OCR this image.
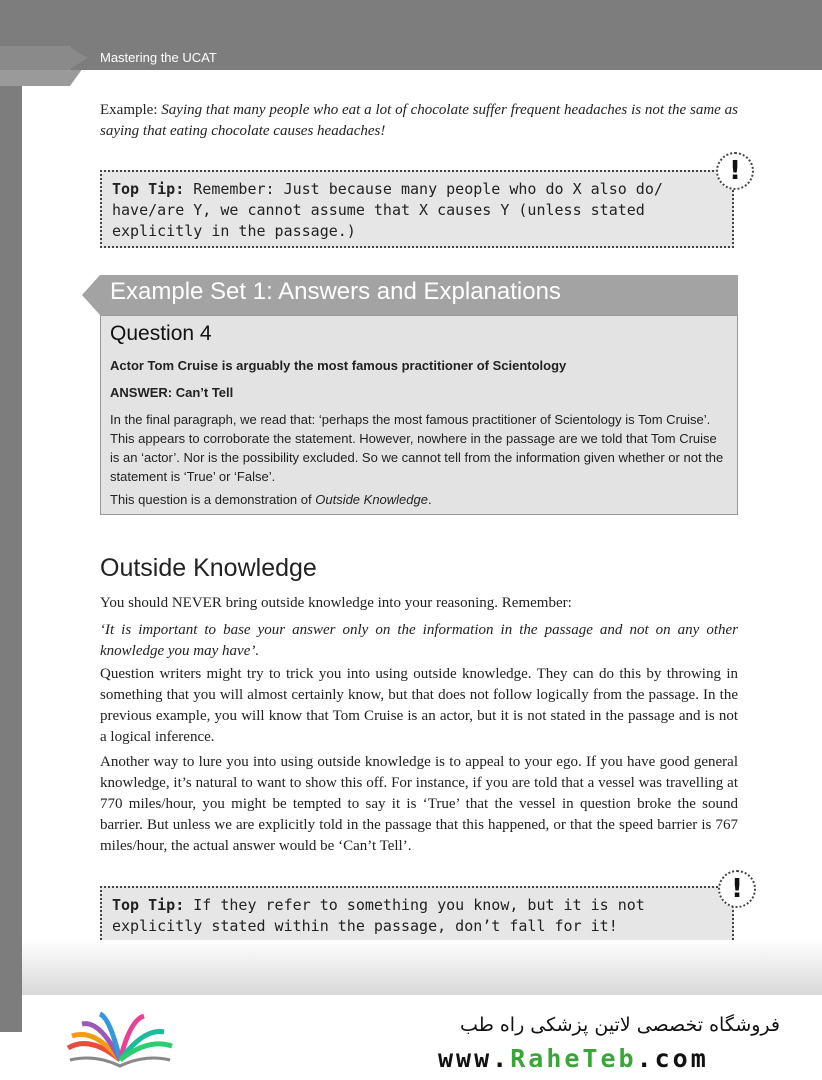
Mastering the UCAT

Example: Saying that many people who eat a lot of chocolate suffer frequent headaches is not the same as saying that eating chocolate causes headaches!

Top Tip: Remember: Just because many people who do X also do/ have/are Y, we cannot assume that X causes Y (unless stated explicitly in the passage.)
!
Example Set 1: Answers and Explanations
Question 4

Actor Tom Cruise is arguably the most famous practitioner of Scientology

ANSWER: Can’t Tell

In the final paragraph, we read that: ‘perhaps the most famous practitioner of Scientology is Tom Cruise’. This appears to corroborate the statement. However, nowhere in the passage are we told that Tom Cruise is an ‘actor’. Nor is the possibility excluded. So we cannot tell from the information given whether or not the statement is ‘True’ or ‘False’.

This question is a demonstration of Outside Knowledge.

Outside Knowledge

You should NEVER bring outside knowledge into your reasoning. Remember:

‘It is important to base your answer only on the information in the passage and not on any other knowledge you may have’.

Question writers might try to trick you into using outside knowledge. They can do this by throwing in something that you will almost certainly know, but that does not follow logically from the passage. In the previous example, you will know that Tom Cruise is an actor, but it is not stated in the passage and is not a logical inference.

Another way to lure you into using outside knowledge is to appeal to your ego. If you have good general knowledge, it’s natural to want to show this off. For instance, if you are told that a vessel was travelling at 770 miles/hour, you might be tempted to say it is ‘True’ that the vessel in question broke the sound barrier. But unless we are explicitly told in the passage that this happened, or that the speed barrier is 767 miles/hour, the actual answer would be ‘Can’t Tell’.

Top Tip: If they refer to something you know, but it is not explicitly stated within the passage, don’t fall for it!
!
فروشگاه تخصصی لاتین پزشکی راه طب
www.RaheTeb.com
